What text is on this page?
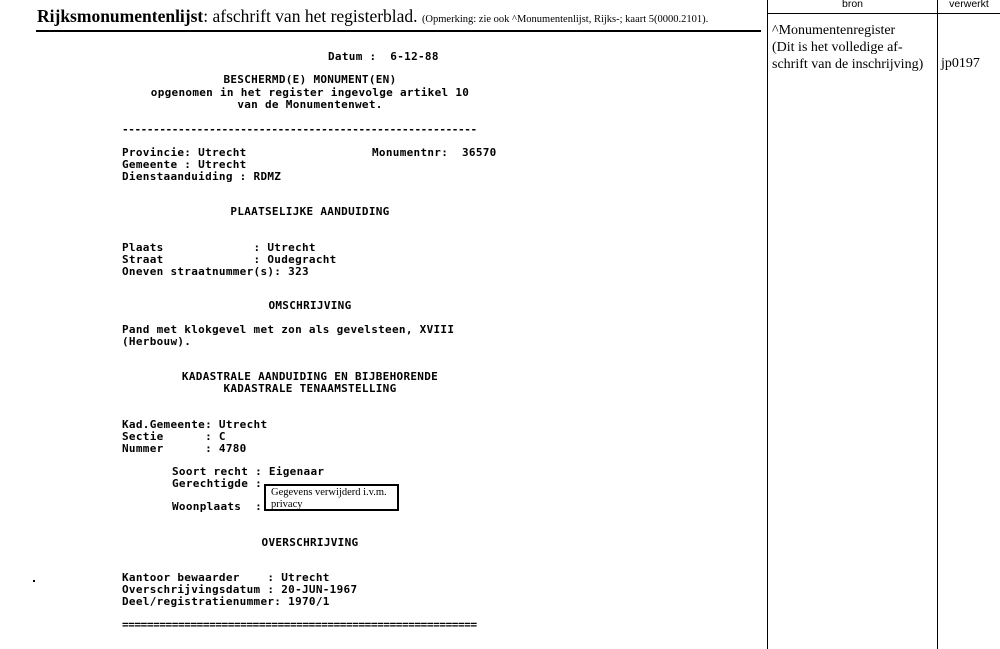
Rijksmonumentenlijst: afschrift van het registerblad. (Opmerking: zie ook ^Monumentenlijst, Rijks-; kaart 5(0000.2101).
bron	verwerkt
^Monumentenregister
(Dit is het volledige af-
schrift van de inschrijving) jp0197
Datum :  6-12-88
BESCHERMD(E) MONUMENT(EN)
opgenomen in het register ingevolge artikel 10
van de Monumentenwet.
---------------------------------------------------------
Provincie: Utrecht	Monumentnr:  36570
Gemeente : Utrecht
Dienstaanduiding : RDMZ
PLAATSELIJKE AANDUIDING
Plaats             : Utrecht
Straat             : Oudegracht
Oneven straatnummer(s): 323
OMSCHRIJVING
Pand met klokgevel met zon als gevelsteen, XVIII
(Herbouw).
KADASTRALE AANDUIDING EN BIJBEHORENDE
KADASTRALE TENAAMSTELLING
Kad.Gemeente: Utrecht
Sectie      : C
Nummer      : 4780
Soort recht : Eigenaar
Gerechtigde :
Woonplaats  :
Gegevens verwijderd i.v.m. privacy
OVERSCHRIJVING
Kantoor bewaarder    : Utrecht
Overschrijvingsdatum : 20-JUN-1967
Deel/registratienummer: 1970/1
=========================================================
